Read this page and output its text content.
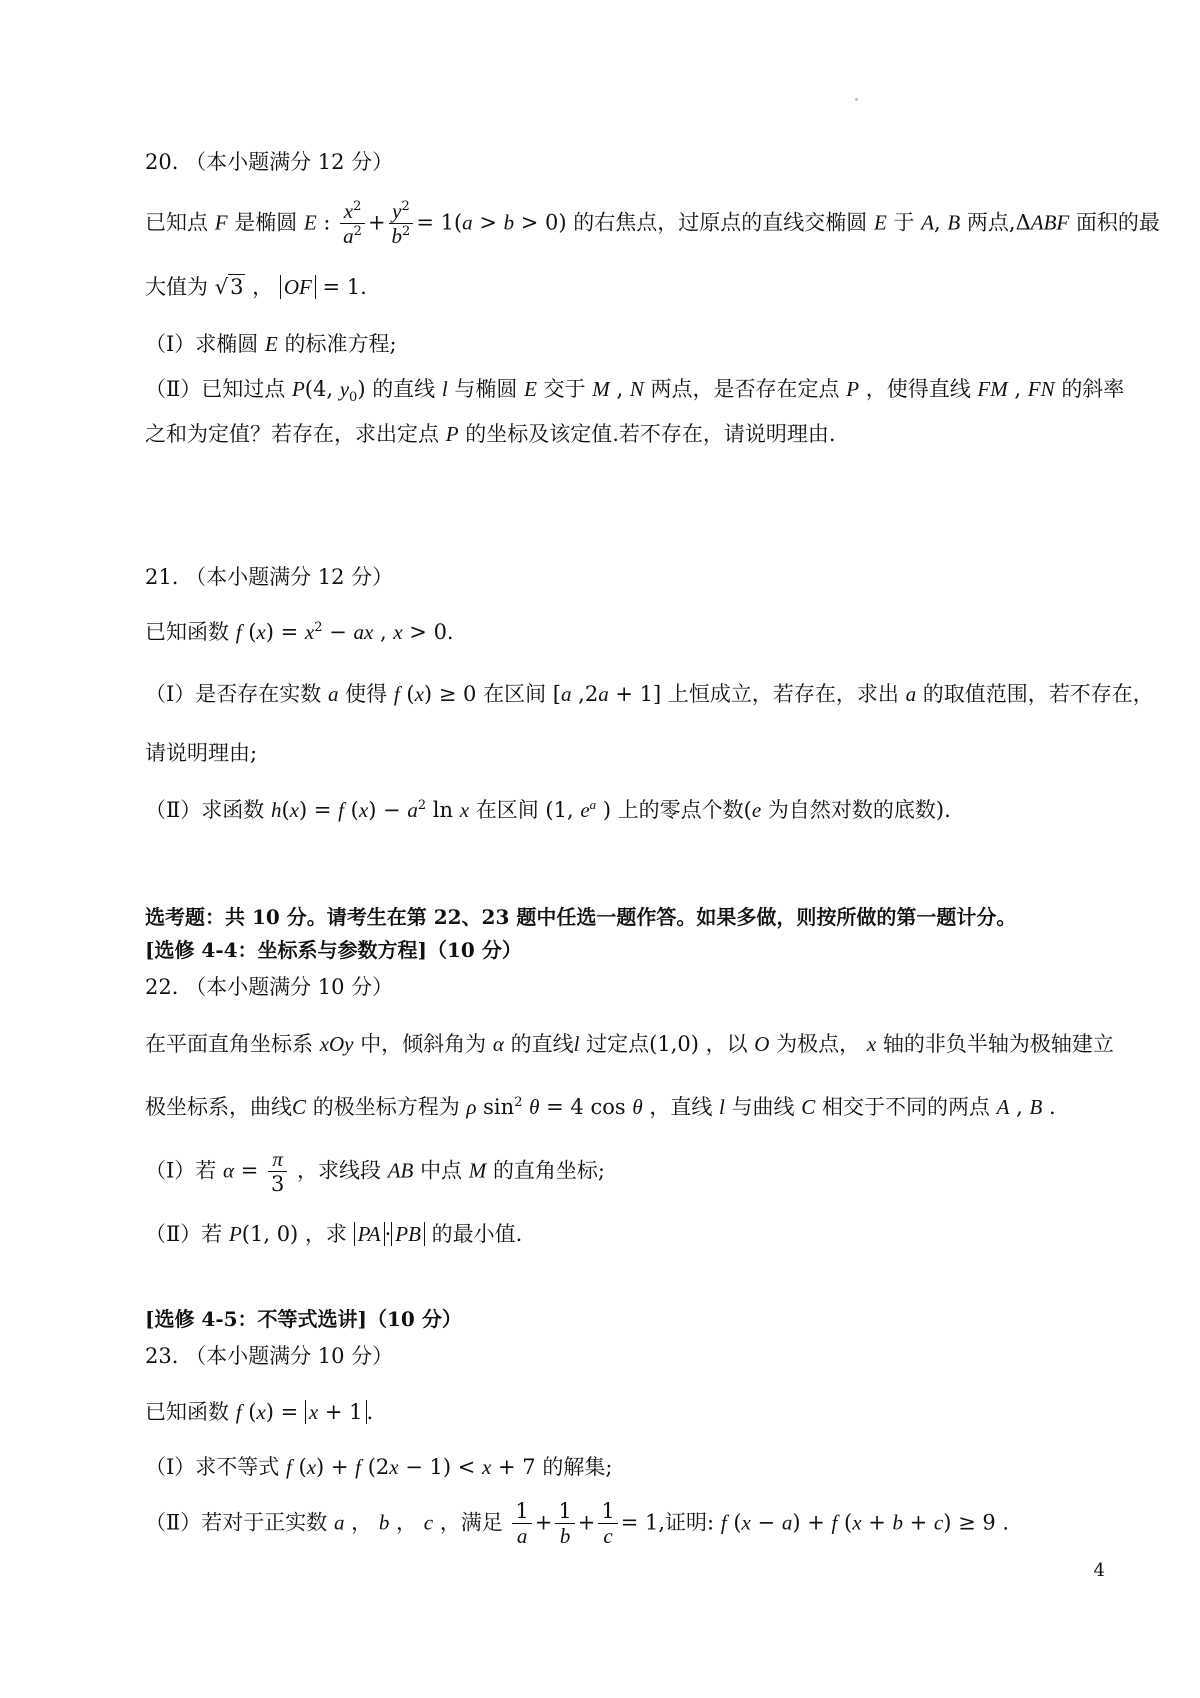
20. （本小题满分 12 分）
已知点 F 是椭圆 E : $\frac{x^2}{a^2} + \frac{y^2}{b^2} = 1(a > b > 0)$ 的右焦点，过原点的直线交椭圆 E 于 A, B 两点,ΔABF 面积的最
大值为 √3 ， OF = 1.
（Ⅰ）求椭圆 E 的标准方程;
（Ⅱ）已知过点 P(4, $y_0$) 的直线 l 与椭圆 E 交于 M , N 两点，是否存在定点 P ，使得直线 FM , FN 的斜率
之和为定值？若存在，求出定点 P 的坐标及该定值.若不存在，请说明理由.
21. （本小题满分 12 分）
已知函数 f $(x) = x^2$ − ax , x > 0.
（Ⅰ）是否存在实数 a 使得 f (x) ≥ 0 在区间 [a ,2a + 1] 上恒成立，若存在，求出 a 的取值范围，若不存在，
请说明理由;
（Ⅱ）求函数 h(x) = f $(x) - a^2$ ln x 在区间 (1, $e^a$ ) 上的零点个数(e 为自然对数的底数).
选考题：共 10 分。请考生在第 22、23 题中任选一题作答。如果多做，则按所做的第一题计分。
[选修 4-4：坐标系与参数方程]（10 分）
22. （本小题满分 10 分）
在平面直角坐标系 xOy 中，倾斜角为 α 的直线l 过定点(1,0) ，以 O 为极点， x 轴的非负半轴为极轴建立
极坐标系，曲线C 的极坐标方程为 ρ $\sin^2 \theta = 4$ cos θ ，直线 l 与曲线 C 相交于不同的两点 A , B .
（Ⅰ）若 $\alpha = \frac{\pi}{3}$ ，求线段 AB 中点 M 的直角坐标;
（Ⅱ）若 P(1, 0) ，求 PA · PB 的最小值.
[选修 4-5：不等式选讲]（10 分）
23. （本小题满分 10 分）
已知函数 f (x) = x + 1 .
（Ⅰ）求不等式 f (x) + f (2x − 1) < x + 7 的解集;
（Ⅱ）若对于正实数 a ， b ， c ，满足 $\frac{1}{a} + \frac{1}{b} + \frac{1}{c} = 1$,证明: f (x − a) + f (x + b + c) ≥ 9 .
4
